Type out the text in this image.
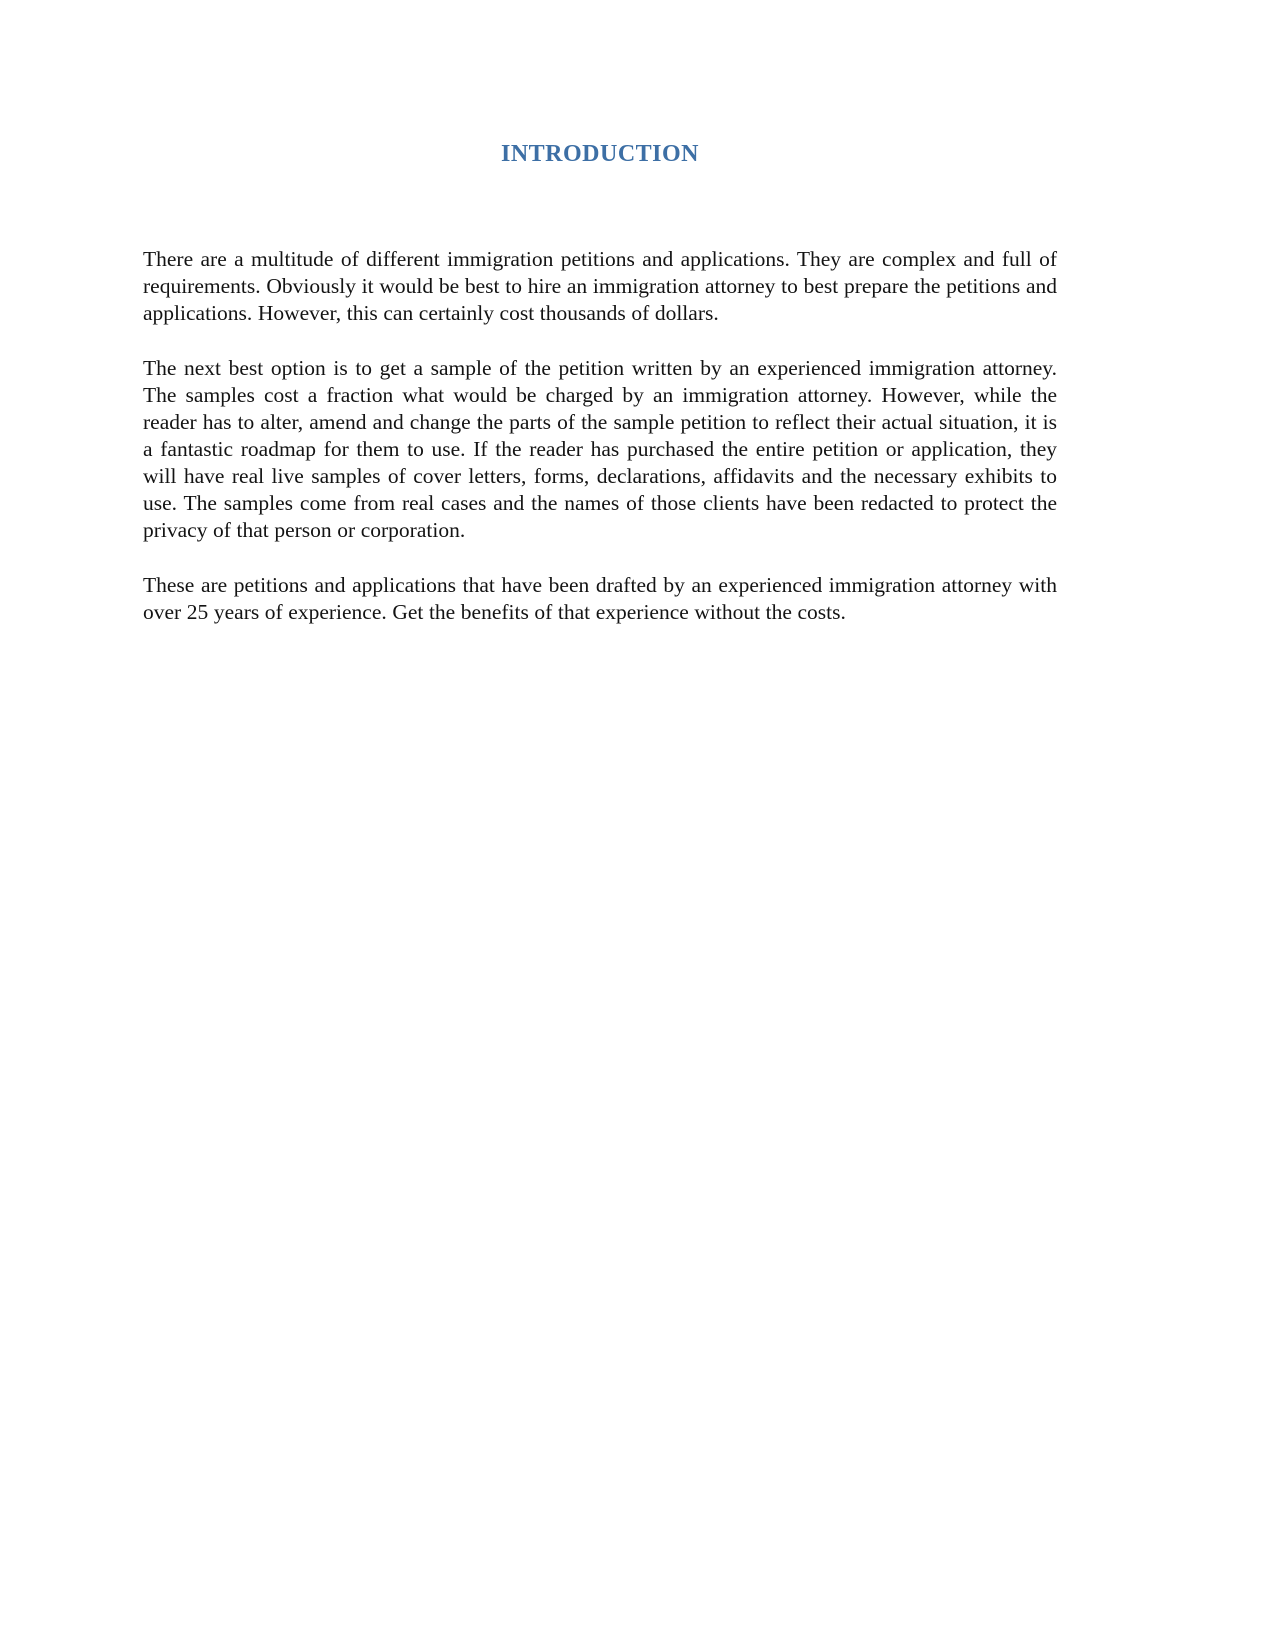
INTRODUCTION

There are a multitude of different immigration petitions and applications. They are complex and full of requirements. Obviously it would be best to hire an immigration attorney to best prepare the petitions and applications. However, this can certainly cost thousands of dollars.

The next best option is to get a sample of the petition written by an experienced immigration attorney. The samples cost a fraction what would be charged by an immigration attorney. However, while the reader has to alter, amend and change the parts of the sample petition to reflect their actual situation, it is a fantastic roadmap for them to use. If the reader has purchased the entire petition or application, they will have real live samples of cover letters, forms, declarations, affidavits and the necessary exhibits to use. The samples come from real cases and the names of those clients have been redacted to protect the privacy of that person or corporation.

These are petitions and applications that have been drafted by an experienced immigration attorney with over 25 years of experience. Get the benefits of that experience without the costs.
